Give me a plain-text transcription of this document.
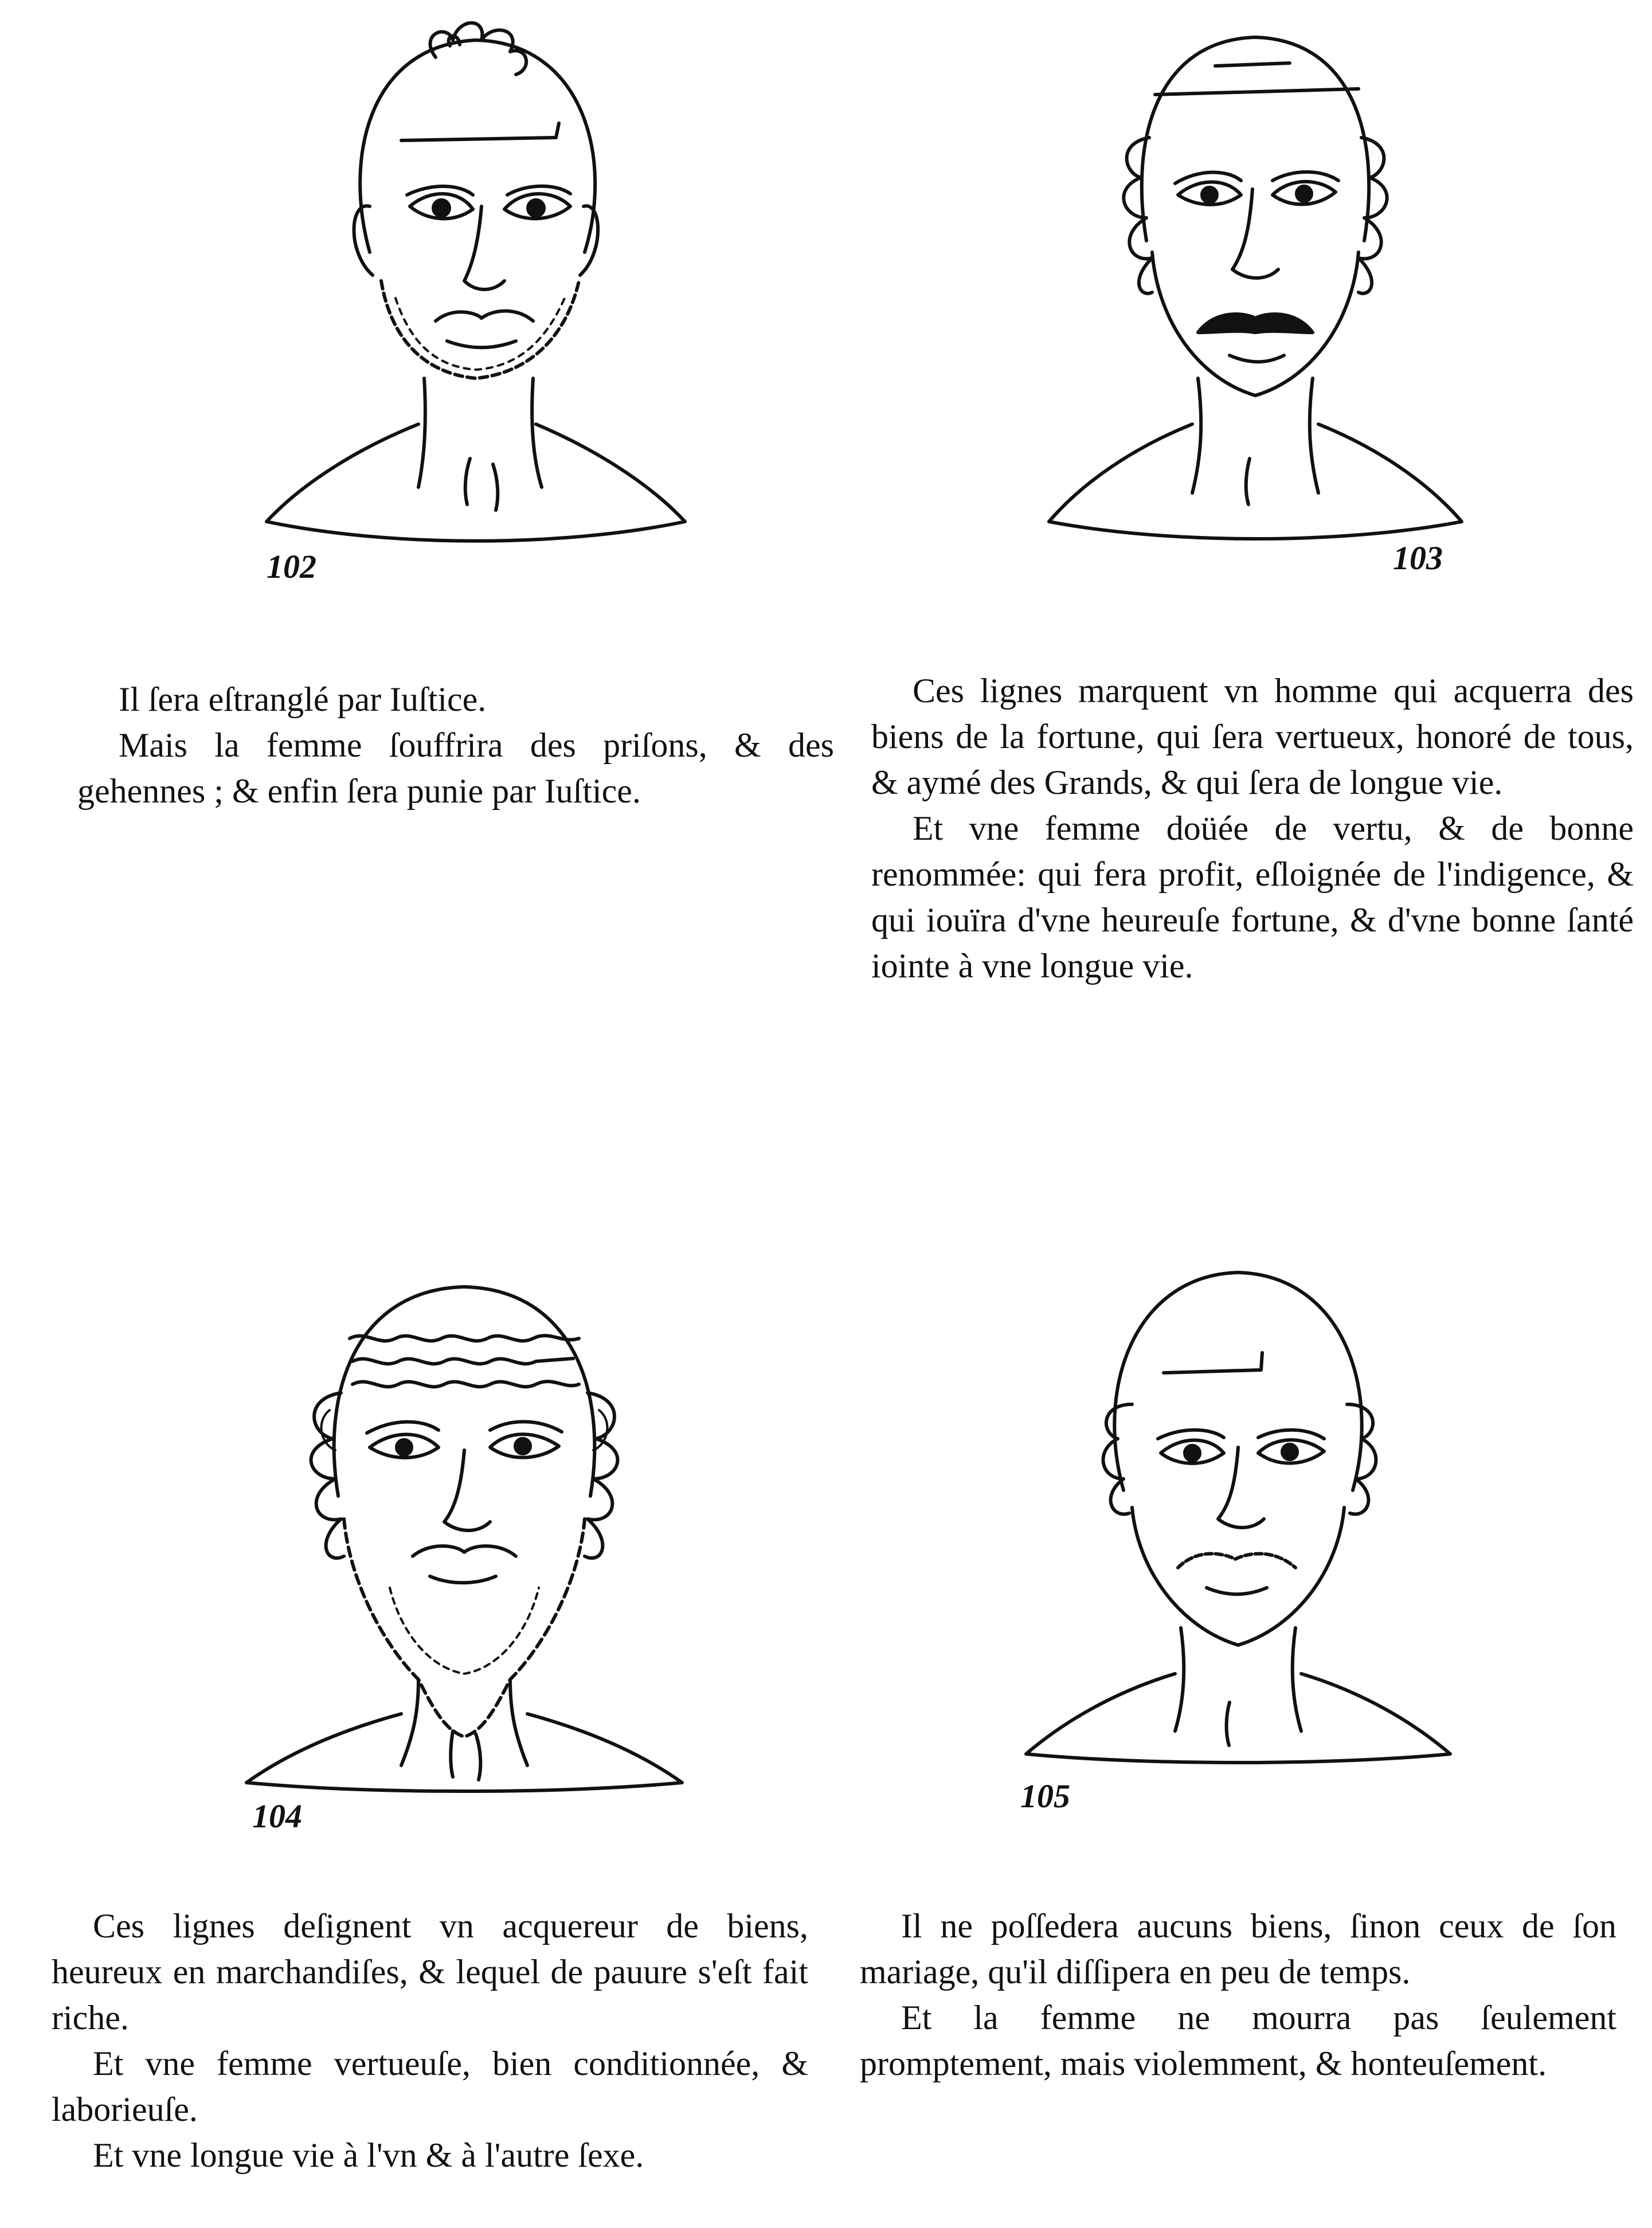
102	103
104
105

Il ſera eſtranglé par Iuſtice.

Mais la femme ſouffrira des priſons, & des gehennes ; & enfin ſera punie par Iuſtice.

Ces lignes marquent vn homme qui acquerra des biens de la fortune, qui ſera vertueux, honoré de tous, & aymé des Grands, & qui ſera de longue vie.

Et vne femme doüée de vertu, & de bonne renommée: qui fera profit, eſloignée de l'indigence, & qui iouïra d'vne heureuſe fortune, & d'vne bonne ſanté iointe à vne longue vie.

Ces lignes deſignent vn acquereur de biens, heureux en marchandiſes, & lequel de pauure s'eſt fait riche.

Et vne femme vertueuſe, bien conditionnée, & laborieuſe.

Et vne longue vie à l'vn & à l'autre ſexe.

Il ne poſſedera aucuns biens, ſinon ceux de ſon mariage, qu'il diſſipera en peu de temps.

Et la femme ne mourra pas ſeulement promptement, mais violemment, & honteuſement.
